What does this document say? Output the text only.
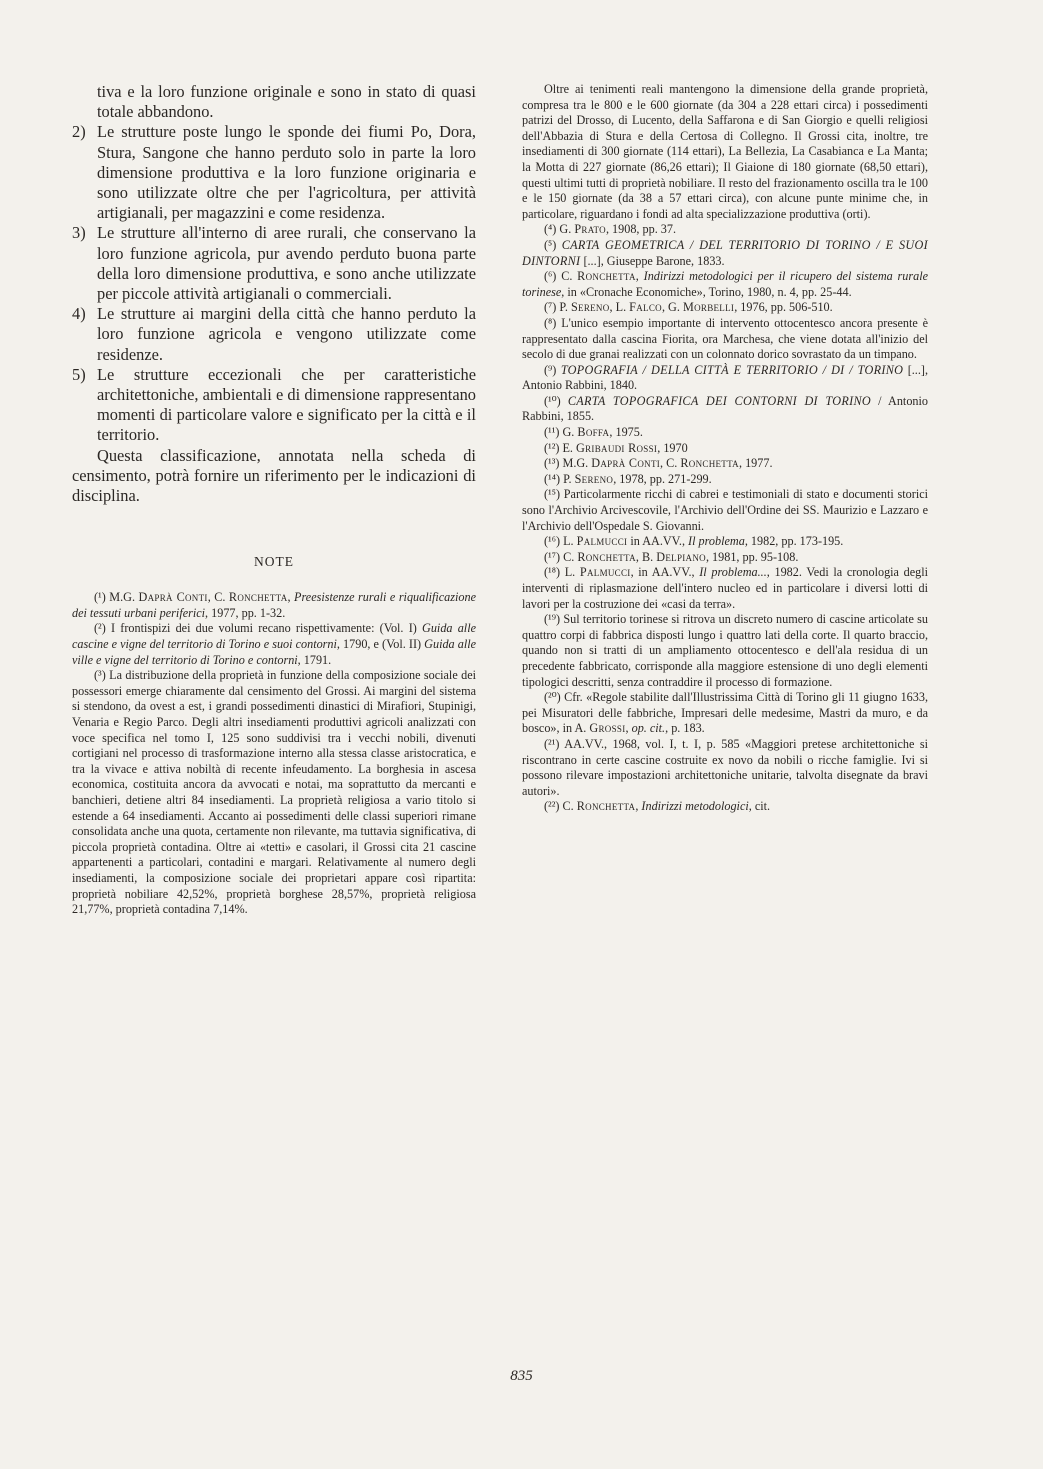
tiva e la loro funzione originale e sono in stato di quasi totale abbandono.
2) Le strutture poste lungo le sponde dei fiumi Po, Dora, Stura, Sangone che hanno perduto solo in parte la loro dimensione produttiva e la loro funzione originaria e sono utilizzate oltre che per l'agricoltura, per attività artigianali, per magazzini e come residenza.
3) Le strutture all'interno di aree rurali, che conservano la loro funzione agricola, pur avendo perduto buona parte della loro dimensione produttiva, e sono anche utilizzate per piccole attività artigianali o commerciali.
4) Le strutture ai margini della città che hanno perduto la loro funzione agricola e vengono utilizzate come residenze.
5) Le strutture eccezionali che per caratteristiche architettoniche, ambientali e di dimensione rappresentano momenti di particolare valore e significato per la città e il territorio.

Questa classificazione, annotata nella scheda di censimento, potrà fornire un riferimento per le indicazioni di disciplina.

NOTE

(¹) M.G. Daprà Conti, C. Ronchetta, Preesistenze rurali e riqualificazione dei tessuti urbani periferici, 1977, pp. 1-32.

(²) I frontispizi dei due volumi recano rispettivamente: (Vol. I) Guida alle cascine e vigne del territorio di Torino e suoi contorni, 1790, e (Vol. II) Guida alle ville e vigne del territorio di Torino e contorni, 1791.

(³) La distribuzione della proprietà in funzione della composizione sociale dei possessori emerge chiaramente dal censimento del Grossi. Ai margini del sistema si stendono, da ovest a est, i grandi possedimenti dinastici di Mirafiori, Stupinigi, Venaria e Regio Parco. Degli altri insediamenti produttivi agricoli analizzati con voce specifica nel tomo I, 125 sono suddivisi tra i vecchi nobili, divenuti cortigiani nel processo di trasformazione interno alla stessa classe aristocratica, e tra la vivace e attiva nobiltà di recente infeudamento. La borghesia in ascesa economica, costituita ancora da avvocati e notai, ma soprattutto da mercanti e banchieri, detiene altri 84 insediamenti. La proprietà religiosa a vario titolo si estende a 64 insediamenti. Accanto ai possedimenti delle classi superiori rimane consolidata anche una quota, certamente non rilevante, ma tuttavia significativa, di piccola proprietà contadina. Oltre ai «tetti» e casolari, il Grossi cita 21 cascine appartenenti a particolari, contadini e margari. Relativamente al numero degli insediamenti, la composizione sociale dei proprietari appare così ripartita: proprietà nobiliare 42,52%, proprietà borghese 28,57%, proprietà religiosa 21,77%, proprietà contadina 7,14%.

Oltre ai tenimenti reali mantengono la dimensione della grande proprietà, compresa tra le 800 e le 600 giornate (da 304 a 228 ettari circa) i possedimenti patrizi del Drosso, di Lucento, della Saffarona e di San Giorgio e quelli religiosi dell'Abbazia di Stura e della Certosa di Collegno. Il Grossi cita, inoltre, tre insediamenti di 300 giornate (114 ettari), La Bellezia, La Casabianca e La Manta; la Motta di 227 giornate (86,26 ettari); Il Giaione di 180 giornate (68,50 ettari), questi ultimi tutti di proprietà nobiliare. Il resto del frazionamento oscilla tra le 100 e le 150 giornate (da 38 a 57 ettari circa), con alcune punte minime che, in particolare, riguardano i fondi ad alta specializzazione produttiva (orti).

(⁴) G. Prato, 1908, pp. 37.

(⁵) CARTA GEOMETRICA / DEL TERRITORIO DI TORINO / E SUOI DINTORNI [...], Giuseppe Barone, 1833.

(⁶) C. Ronchetta, Indirizzi metodologici per il ricupero del sistema rurale torinese, in «Cronache Economiche», Torino, 1980, n. 4, pp. 25-44.

(⁷) P. Sereno, L. Falco, G. Morbelli, 1976, pp. 506-510.

(⁸) L'unico esempio importante di intervento ottocentesco ancora presente è rappresentato dalla cascina Fiorita, ora Marchesa, che viene dotata all'inizio del secolo di due granai realizzati con un colonnato dorico sovrastato da un timpano.

(⁹) TOPOGRAFIA / DELLA CITTÀ E TERRITORIO / DI / TORINO [...], Antonio Rabbini, 1840.

(¹⁰) CARTA TOPOGRAFICA DEI CONTORNI DI TORINO / Antonio Rabbini, 1855.

(¹¹) G. Boffa, 1975.

(¹²) E. Gribaudi Rossi, 1970

(¹³) M.G. Daprà Conti, C. Ronchetta, 1977.

(¹⁴) P. Sereno, 1978, pp. 271-299.

(¹⁵) Particolarmente ricchi di cabrei e testimoniali di stato e documenti storici sono l'Archivio Arcivescovile, l'Archivio dell'Ordine dei SS. Maurizio e Lazzaro e l'Archivio dell'Ospedale S. Giovanni.

(¹⁶) L. Palmucci in AA.VV., Il problema, 1982, pp. 173-195.

(¹⁷) C. Ronchetta, B. Delpiano, 1981, pp. 95-108.

(¹⁸) L. Palmucci, in AA.VV., Il problema..., 1982. Vedi la cronologia degli interventi di riplasmazione dell'intero nucleo ed in particolare i diversi lotti di lavori per la costruzione dei «casi da terra».

(¹⁹) Sul territorio torinese si ritrova un discreto numero di cascine articolate su quattro corpi di fabbrica disposti lungo i quattro lati della corte. Il quarto braccio, quando non si tratti di un ampliamento ottocentesco e dell'ala residua di un precedente fabbricato, corrisponde alla maggiore estensione di uno degli elementi tipologici descritti, senza contraddire il processo di formazione.

(²⁰) Cfr. «Regole stabilite dall'Illustrissima Città di Torino gli 11 giugno 1633, pei Misuratori delle fabbriche, Impresari delle medesime, Mastri da muro, e da bosco», in A. Grossi, op. cit., p. 183.

(²¹) AA.VV., 1968, vol. I, t. I, p. 585 «Maggiori pretese architettoniche si riscontrano in certe cascine costruite ex novo da nobili o ricche famiglie. Ivi si possono rilevare impostazioni architettoniche unitarie, talvolta disegnate da bravi autori».

(²²) C. Ronchetta, Indirizzi metodologici, cit.

835
